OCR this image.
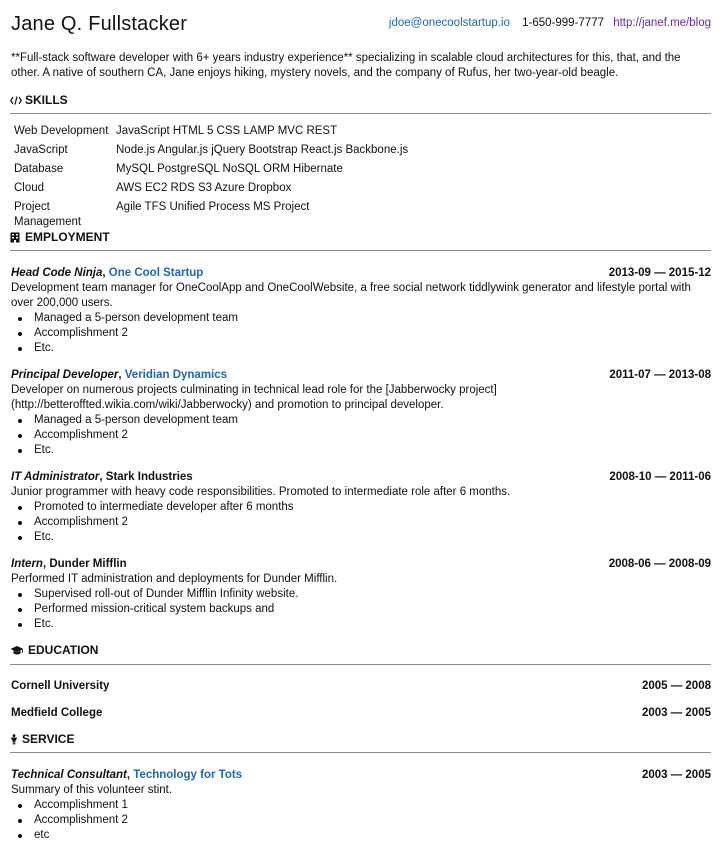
Jane Q. Fullstacker	jdoe@onecoolstartup.io 1-650-999-7777 http://janef.me/blog
**Full-stack software developer with 6+ years industry experience** specializing in scalable cloud architectures for this, that, and the other. A native of southern CA, Jane enjoys hiking, mystery novels, and the company of Rufus, her two-year-old beagle.
SKILLS
Web Development	JavaScript HTML 5 CSS LAMP MVC REST
JavaScript	Node.js Angular.js jQuery Bootstrap React.js Backbone.js
Database	MySQL PostgreSQL NoSQL ORM Hibernate
Cloud	AWS EC2 RDS S3 Azure Dropbox
Project Management	Agile TFS Unified Process MS Project
EMPLOYMENT
Head Code Ninja, One Cool Startup	2013-09 — 2015-12
Development team manager for OneCoolApp and OneCoolWebsite, a free social network tiddlywink generator and lifestyle portal with over 200,000 users.
Managed a 5-person development team
Accomplishment 2
Etc.
Principal Developer, Veridian Dynamics	2011-07 — 2013-08
Developer on numerous projects culminating in technical lead role for the [Jabberwocky project](http://betteroffted.wikia.com/wiki/Jabberwocky) and promotion to principal developer.
Managed a 5-person development team
Accomplishment 2
Etc.
IT Administrator, Stark Industries	2008-10 — 2011-06
Junior programmer with heavy code responsibilities. Promoted to intermediate role after 6 months.
Promoted to intermediate developer after 6 months
Accomplishment 2
Etc.
Intern, Dunder Mifflin	2008-06 — 2008-09
Performed IT administration and deployments for Dunder Mifflin.
Supervised roll-out of Dunder Mifflin Infinity website.
Performed mission-critical system backups and
Etc.
EDUCATION
Cornell University	2005 — 2008
Medfield College	2003 — 2005
SERVICE
Technical Consultant, Technology for Tots	2003 — 2005
Summary of this volunteer stint.
Accomplishment 1
Accomplishment 2
etc
